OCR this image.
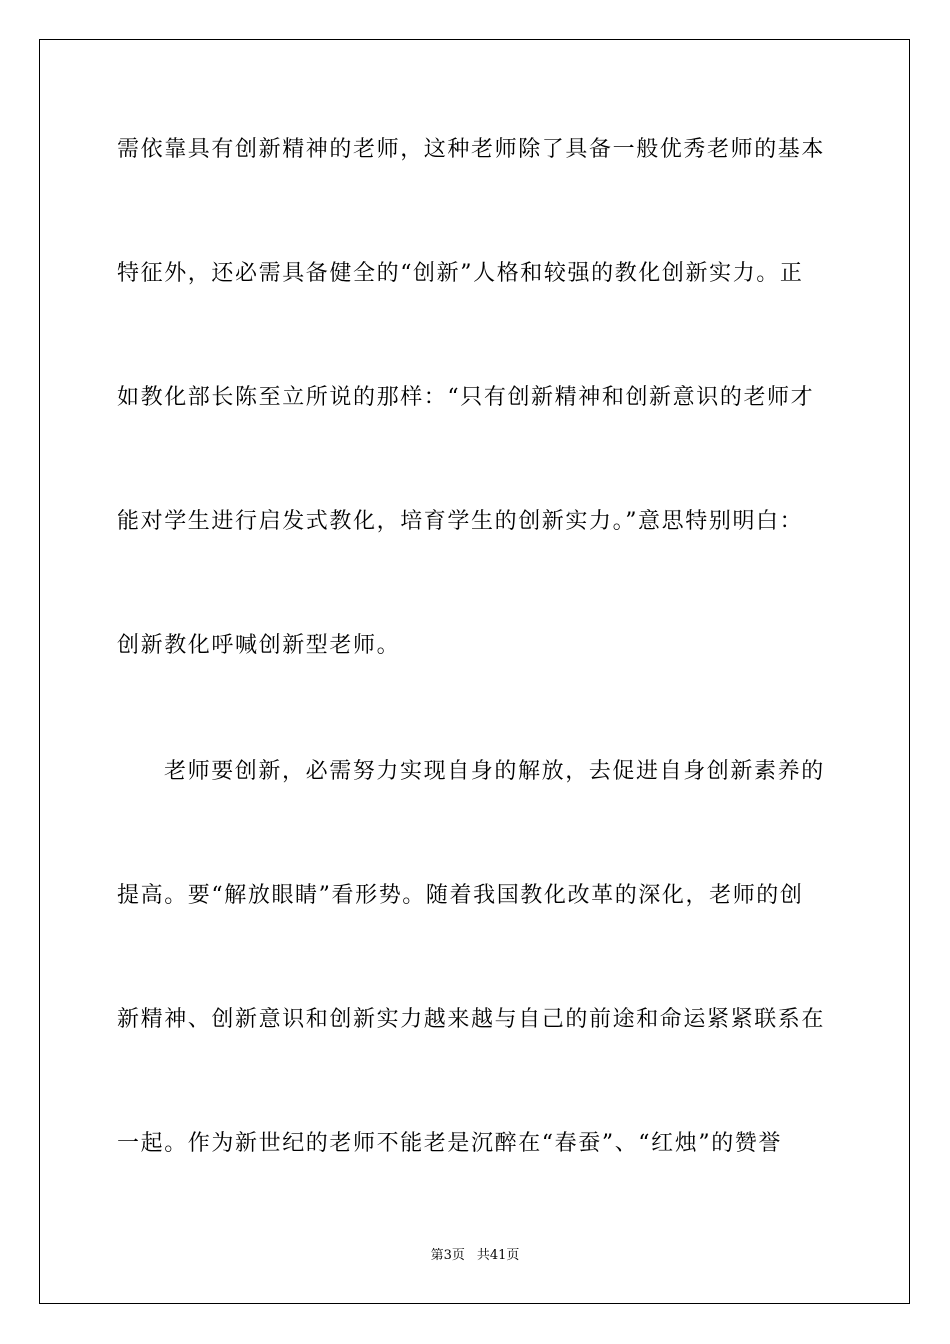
需依靠具有创新精神的老师，这种老师除了具备一般优秀老师的基本
特征外，还必需具备健全的“创新”人格和较强的教化创新实力。正
如教化部长陈至立所说的那样：“只有创新精神和创新意识的老师才
能对学生进行启发式教化，培育学生的创新实力。”意思特别明白：
创新教化呼喊创新型老师。
老师要创新，必需努力实现自身的解放，去促进自身创新素养的
提高。要“解放眼睛”看形势。随着我国教化改革的深化，老师的创
新精神、创新意识和创新实力越来越与自己的前途和命运紧紧联系在
一起。作为新世纪的老师不能老是沉醉在“春蚕”、“红烛”的赞誉
第3页 共41页
